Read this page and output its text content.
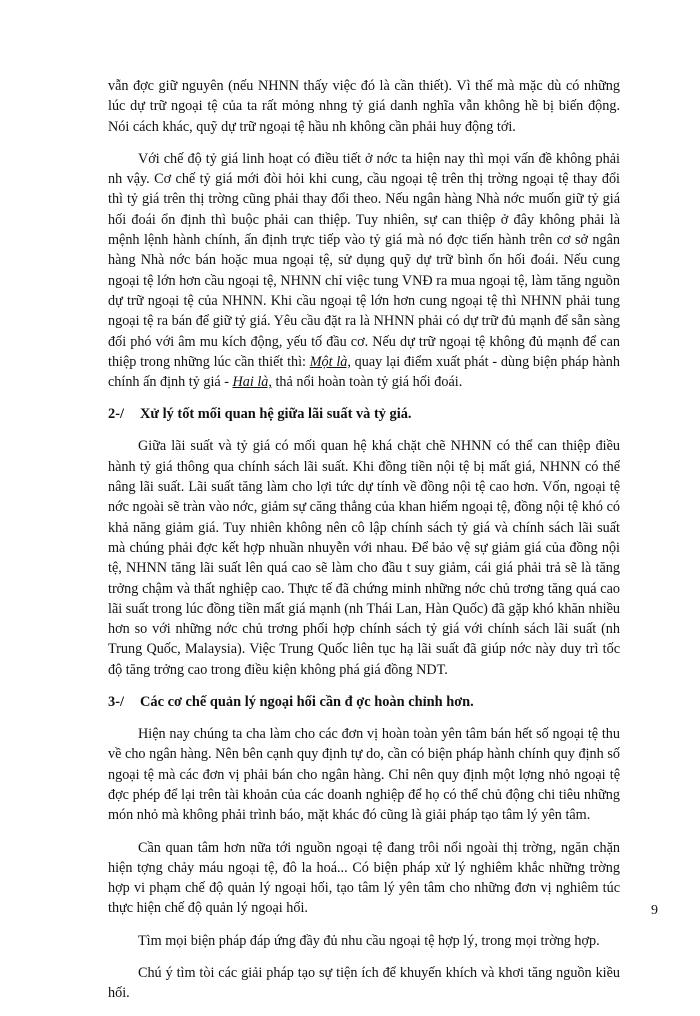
vẫn đợc giữ nguyên (nếu NHNN thấy việc đó là cần thiết). Vì thế mà mặc dù có những lúc dự trữ ngoại tệ của ta rất mỏng nhng tỷ giá danh nghĩa vẫn không hề bị biến động. Nói cách khác, quỹ dự trữ ngoại tệ hầu nh không cần phải huy động tới.

Với chế độ tỷ giá linh hoạt có điều tiết ở nớc ta hiện nay thì mọi vấn đề không phải nh vậy. Cơ chế tỷ giá mới đòi hỏi khi cung, cầu ngoại tệ trên thị trờng ngoại tệ thay đổi thì tỷ giá trên thị trờng cũng phải thay đổi theo. Nếu ngân hàng Nhà nớc muốn giữ tỷ giá hối đoái ổn định thì buộc phải can thiệp. Tuy nhiên, sự can thiệp ở đây không phải là mệnh lệnh hành chính, ấn định trực tiếp vào tỷ giá mà nó đợc tiến hành trên cơ sở ngân hàng Nhà nớc bán hoặc mua ngoại tệ, sử dụng quỹ dự trữ bình ổn hối đoái. Nếu cung ngoại tệ lớn hơn cầu ngoại tệ, NHNN chỉ việc tung VNĐ ra mua ngoại tệ, làm tăng nguồn dự trữ ngoại tệ của NHNN. Khi cầu ngoại tệ lớn hơn cung ngoại tệ thì NHNN phải tung ngoại tệ ra bán để giữ tỷ giá. Yêu cầu đặt ra là NHNN phải có dự trữ đủ mạnh để sẵn sàng đối phó với âm mu kích động, yếu tố đầu cơ. Nếu dự trữ ngoại tệ không đủ mạnh để can thiệp trong những lúc cần thiết thì: Một là, quay lại điểm xuất phát - dùng biện pháp hành chính ấn định tỷ giá - Hai là, thả nổi hoàn toàn tỷ giá hối đoái.

2-/ Xử lý tốt mối quan hệ giữa lãi suất và tỷ giá.

Giữa lãi suất và tỷ giá có mối quan hệ khá chặt chẽ NHNN có thể can thiệp điều hành tỷ giá thông qua chính sách lãi suất. Khi đồng tiền nội tệ bị mất giá, NHNN có thể nâng lãi suất. Lãi suất tăng làm cho lợi tức dự tính về đồng nội tệ cao hơn. Vốn, ngoại tệ nớc ngoài sẽ tràn vào nớc, giảm sự căng thẳng của khan hiếm ngoại tệ, đồng nội tệ khó có khả năng giảm giá. Tuy nhiên không nên cô lập chính sách tỷ giá và chính sách lãi suất mà chúng phải đợc kết hợp nhuần nhuyễn với nhau. Để bảo vệ sự giảm giá của đồng nội tệ, NHNN tăng lãi suất lên quá cao sẽ làm cho đầu t suy giảm, cái giá phải trả sẽ là tăng trởng chậm và thất nghiệp cao. Thực tế đã chứng minh những nớc chủ trơng tăng quá cao lãi suất trong lúc đồng tiền mất giá mạnh (nh Thái Lan, Hàn Quốc) đã gặp khó khăn nhiều hơn so với những nớc chủ trơng phối hợp chính sách tỷ giá với chính sách lãi suất (nh Trung Quốc, Malaysia). Việc Trung Quốc liên tục hạ lãi suất đã giúp nớc này duy trì tốc độ tăng trởng cao trong điều kiện không phá giá đồng NDT.

3-/ Các cơ chế quản lý ngoại hối cần đ ợc hoàn chỉnh hơn.

Hiện nay chúng ta cha làm cho các đơn vị hoàn toàn yên tâm bán hết số ngoại tệ thu về cho ngân hàng. Nên bên cạnh quy định tự do, cần có biện pháp hành chính quy định số ngoại tệ mà các đơn vị phải bán cho ngân hàng. Chỉ nên quy định một lợng nhỏ ngoại tệ đợc phép để lại trên tài khoản của các doanh nghiệp để họ có thể chủ động chi tiêu những món nhỏ mà không phải trình báo, mặt khác đó cũng là giải pháp tạo tâm lý yên tâm.

Cần quan tâm hơn nữa tới nguồn ngoại tệ đang trôi nổi ngoài thị trờng, ngăn chặn hiện tợng chảy máu ngoại tệ, đô la hoá... Có biện pháp xử lý nghiêm khắc những trờng hợp vi phạm chế độ quản lý ngoại hối, tạo tâm lý yên tâm cho những đơn vị nghiêm túc thực hiện chế độ quản lý ngoại hối.

Tìm mọi biện pháp đáp ứng đầy đủ nhu cầu ngoại tệ hợp lý, trong mọi trờng hợp.

Chú ý tìm tòi các giải pháp tạo sự tiện ích để khuyến khích và khơi tăng nguồn kiều hối.

9
